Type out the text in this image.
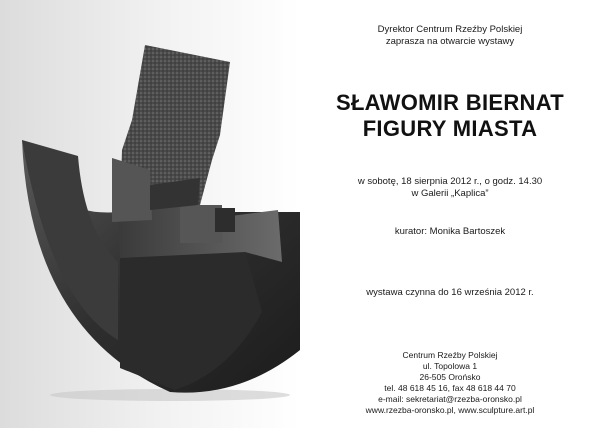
Dyrektor Centrum Rzeźby Polskiej
zaprasza na otwarcie wystawy
SŁAWOMIR BIERNAT
FIGURY MIASTA
w sobotę, 18 sierpnia 2012 r., o godz. 14.30
w Galerii „Kaplica”
kurator: Monika Bartoszek
wystawa czynna do 16 września 2012 r.
Centrum Rzeźby Polskiej
ul. Topolowa 1
26-505 Orońsko
tel. 48 618 45 16, fax 48 618 44 70
e-mail: sekretariat@rzezba-oronsko.pl
www.rzezba-oronsko.pl, www.sculpture.art.pl
